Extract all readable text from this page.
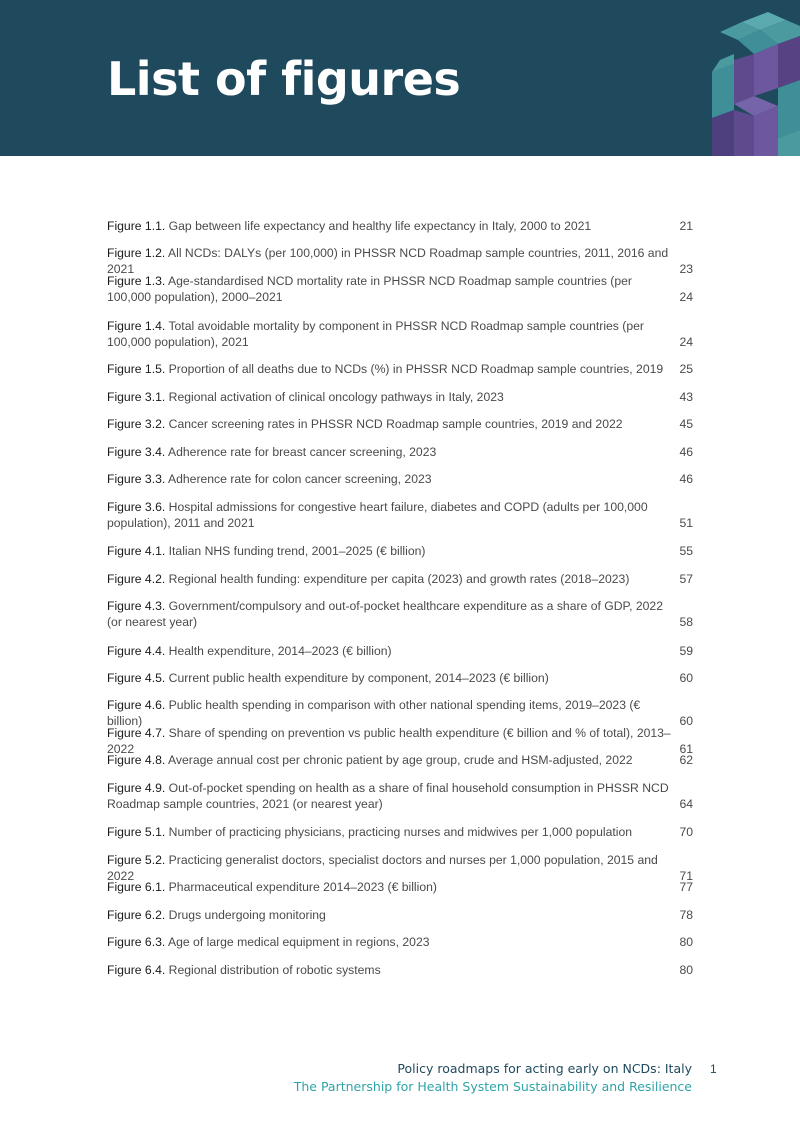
List of figures
Figure 1.1. Gap between life expectancy and healthy life expectancy in Italy, 2000 to 2021	21
Figure 1.2. All NCDs: DALYs (per 100,000) in PHSSR NCD Roadmap sample countries, 2011, 2016 and 2021	23
Figure 1.3. Age-standardised NCD mortality rate in PHSSR NCD Roadmap sample countries (per 100,000 population), 2000–2021	24
Figure 1.4. Total avoidable mortality by component in PHSSR NCD Roadmap sample countries (per 100,000 population), 2021	24
Figure 1.5. Proportion of all deaths due to NCDs (%) in PHSSR NCD Roadmap sample countries, 2019	25
Figure 3.1. Regional activation of clinical oncology pathways in Italy, 2023	43
Figure 3.2. Cancer screening rates in PHSSR NCD Roadmap sample countries, 2019 and 2022	45
Figure 3.4. Adherence rate for breast cancer screening, 2023	46
Figure 3.3. Adherence rate for colon cancer screening, 2023	46
Figure 3.6. Hospital admissions for congestive heart failure, diabetes and COPD (adults per 100,000 population), 2011 and 2021	51
Figure 4.1. Italian NHS funding trend, 2001–2025 (€ billion)	55
Figure 4.2. Regional health funding: expenditure per capita (2023) and growth rates (2018–2023)	57
Figure 4.3. Government/compulsory and out-of-pocket healthcare expenditure as a share of GDP, 2022 (or nearest year)	58
Figure 4.4. Health expenditure, 2014–2023 (€ billion)	59
Figure 4.5. Current public health expenditure by component, 2014–2023 (€ billion)	60
Figure 4.6. Public health spending in comparison with other national spending items, 2019–2023 (€ billion)	60
Figure 4.7. Share of spending on prevention vs public health expenditure (€ billion and % of total), 2013–2022	61
Figure 4.8. Average annual cost per chronic patient by age group, crude and HSM-adjusted, 2022	62
Figure 4.9. Out-of-pocket spending on health as a share of final household consumption in PHSSR NCD Roadmap sample countries, 2021 (or nearest year)	64
Figure 5.1. Number of practicing physicians, practicing nurses and midwives per 1,000 population	70
Figure 5.2. Practicing generalist doctors, specialist doctors and nurses per 1,000 population, 2015 and 2022	71
Figure 6.1. Pharmaceutical expenditure 2014–2023 (€ billion)	77
Figure 6.2. Drugs undergoing monitoring	78
Figure 6.3. Age of large medical equipment in regions, 2023	80
Figure 6.4. Regional distribution of robotic systems	80
Policy roadmaps for acting early on NCDs: Italy
The Partnership for Health System Sustainability and Resilience
1
